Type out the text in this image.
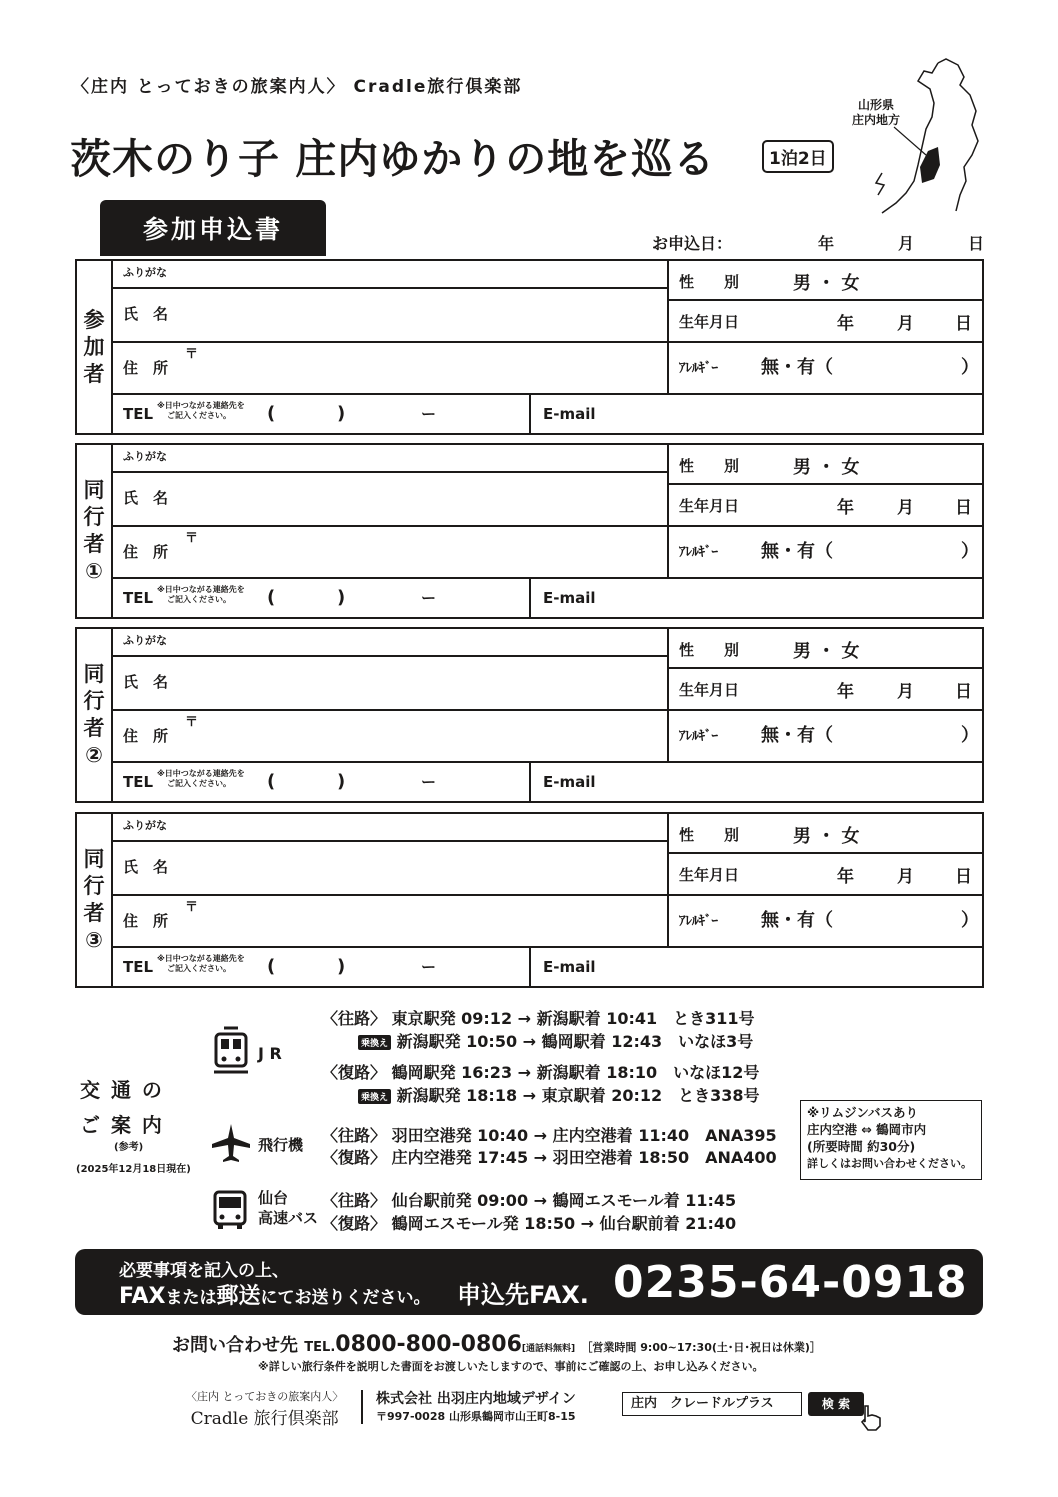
〈庄内 とっておきの旅案内人〉 Cradle旅行倶楽部
茨木のり子 庄内ゆかりの地を巡る	1泊2日
山形県
庄内地方
参加申込書	お申込日：	年	月	日
参
加
者
ふりがな
氏　名
住　所
〒
TEL ※日中つながる連絡先を
ご記入ください。	(	)	ー	E-mail
性　　別	男 ・ 女
生年月日	年	月 日
ｱﾚﾙｷﾞｰ 無・有（	）
同
行
者
①
ふりがな
氏　名
住　所
〒
TEL ※日中つながる連絡先を
ご記入ください。	(	)	ー	E-mail
性　　別	男 ・ 女
生年月日	年	月 日
ｱﾚﾙｷﾞｰ 無・有（	）
同
行
者
②
ふりがな
氏　名
住　所
〒
TEL ※日中つながる連絡先を
ご記入ください。	(	)	ー	E-mail
性　　別	男 ・ 女
生年月日	年	月 日
ｱﾚﾙｷﾞｰ 無・有（	）
同
行
者
③
ふりがな
氏　名
住　所
〒
TEL ※日中つながる連絡先を
ご記入ください。	(	)	ー	E-mail
性　　別	男 ・ 女
生年月日	年	月 日
ｱﾚﾙｷﾞｰ 無・有（	）
交 通 の
ご 案 内
(参考)
(2025年12月18日現在)
J R
飛行機
仙台
高速バス
〈往路〉 東京駅発 09:12 → 新潟駅着 10:41　とき311号
乗換え 新潟駅発 10:50 → 鶴岡駅着 12:43　いなほ3号
〈復路〉 鶴岡駅発 16:23 → 新潟駅着 18:10　いなほ12号
乗換え 新潟駅発 18:18 → 東京駅着 20:12　とき338号
〈往路〉 羽田空港発 10:40 → 庄内空港着 11:40　ANA395
〈復路〉 庄内空港発 17:45 → 羽田空港着 18:50　ANA400
〈往路〉 仙台駅前発 09:00 → 鶴岡エスモール着 11:45
〈復路〉 鶴岡エスモール発 18:50 → 仙台駅前着 21:40
※リムジンバスあり
庄内空港 ⇔ 鶴岡市内
(所要時間 約30分)
詳しくはお問い合わせください。
必要事項を記入の上、
FAXまたは郵送にてお送りください。 申込先FAX. 0235-64-0918
お問い合わせ先 TEL.0800-800-0806[通話料無料] ［営業時間 9:00~17:30(土･日･祝日は休業)］
※詳しい旅行条件を説明した書面をお渡しいたしますので、事前にご確認の上、お申し込みください。
〈庄内 とっておきの旅案内人〉
Cradle 旅行倶楽部
株式会社 出羽庄内地域デザイン
〒997-0028 山形県鶴岡市山王町8-15
庄内　クレードルプラス	検 索
